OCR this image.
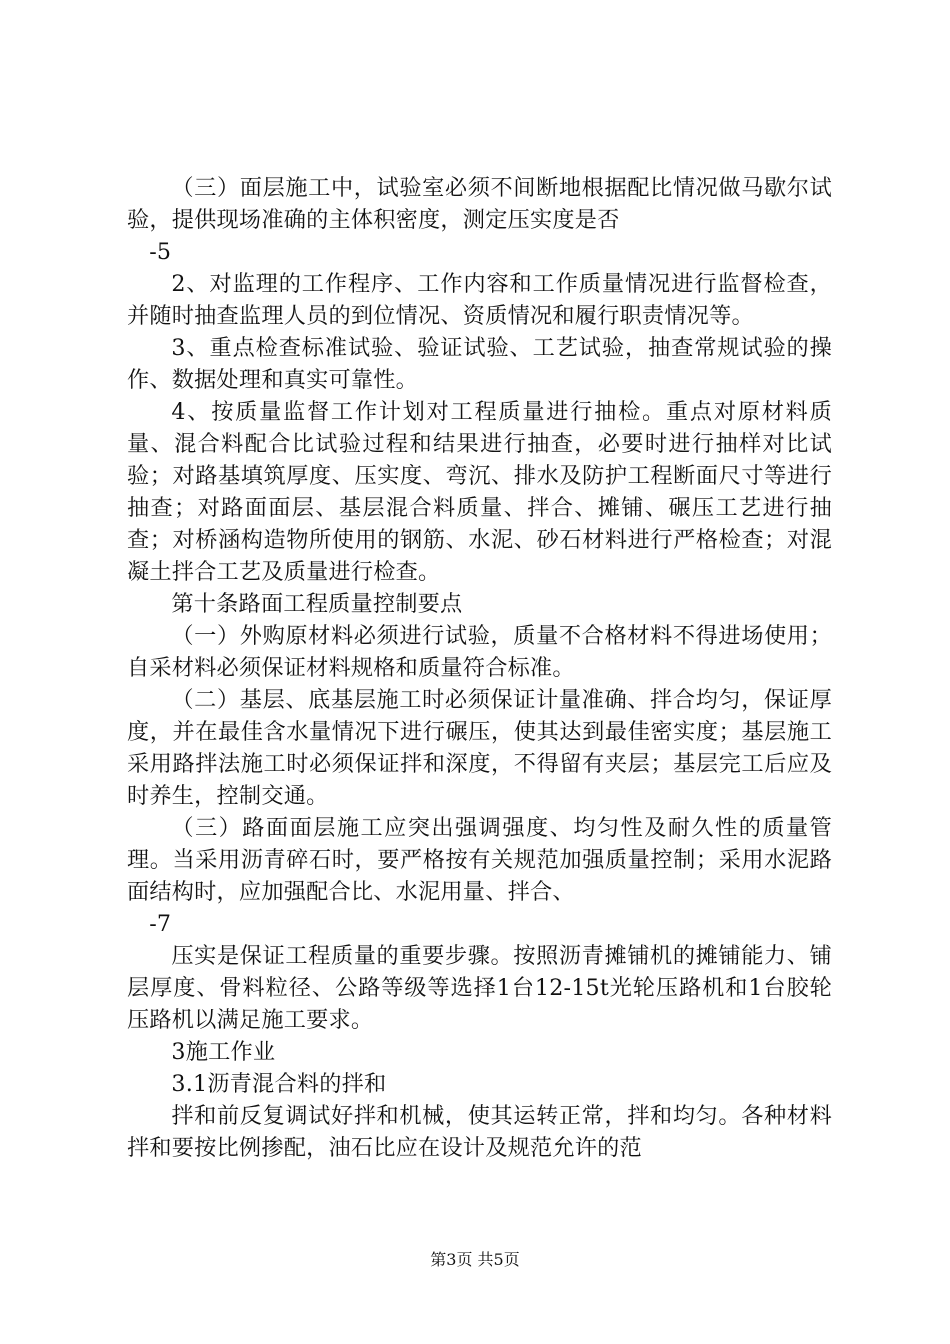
（三）面层施工中，试验室必须不间断地根据配比情况做马歇尔试验，提供现场准确的主体积密度，测定压实度是否

-5

2、对监理的工作程序、工作内容和工作质量情况进行监督检查，并随时抽查监理人员的到位情况、资质情况和履行职责情况等。

3、重点检查标准试验、验证试验、工艺试验，抽查常规试验的操作、数据处理和真实可靠性。

4、按质量监督工作计划对工程质量进行抽检。重点对原材料质量、混合料配合比试验过程和结果进行抽查，必要时进行抽样对比试验；对路基填筑厚度、压实度、弯沉、排水及防护工程断面尺寸等进行抽查；对路面面层、基层混合料质量、拌合、摊铺、碾压工艺进行抽查；对桥涵构造物所使用的钢筋、水泥、砂石材料进行严格检查；对混凝土拌合工艺及质量进行检查。

第十条路面工程质量控制要点

（一）外购原材料必须进行试验，质量不合格材料不得进场使用；自采材料必须保证材料规格和质量符合标准。

（二）基层、底基层施工时必须保证计量准确、拌合均匀，保证厚度，并在最佳含水量情况下进行碾压，使其达到最佳密实度；基层施工采用路拌法施工时必须保证拌和深度，不得留有夹层；基层完工后应及时养生，控制交通。

（三）路面面层施工应突出强调强度、均匀性及耐久性的质量管理。当采用沥青碎石时，要严格按有关规范加强质量控制；采用水泥路面结构时，应加强配合比、水泥用量、拌合、

-7

压实是保证工程质量的重要步骤。按照沥青摊铺机的摊铺能力、铺层厚度、骨料粒径、公路等级等选择1台12-15t光轮压路机和1台胶轮压路机以满足施工要求。

3施工作业

3.1沥青混合料的拌和

拌和前反复调试好拌和机械，使其运转正常，拌和均匀。各种材料拌和要按比例掺配，油石比应在设计及规范允许的范

第3页 共5页
